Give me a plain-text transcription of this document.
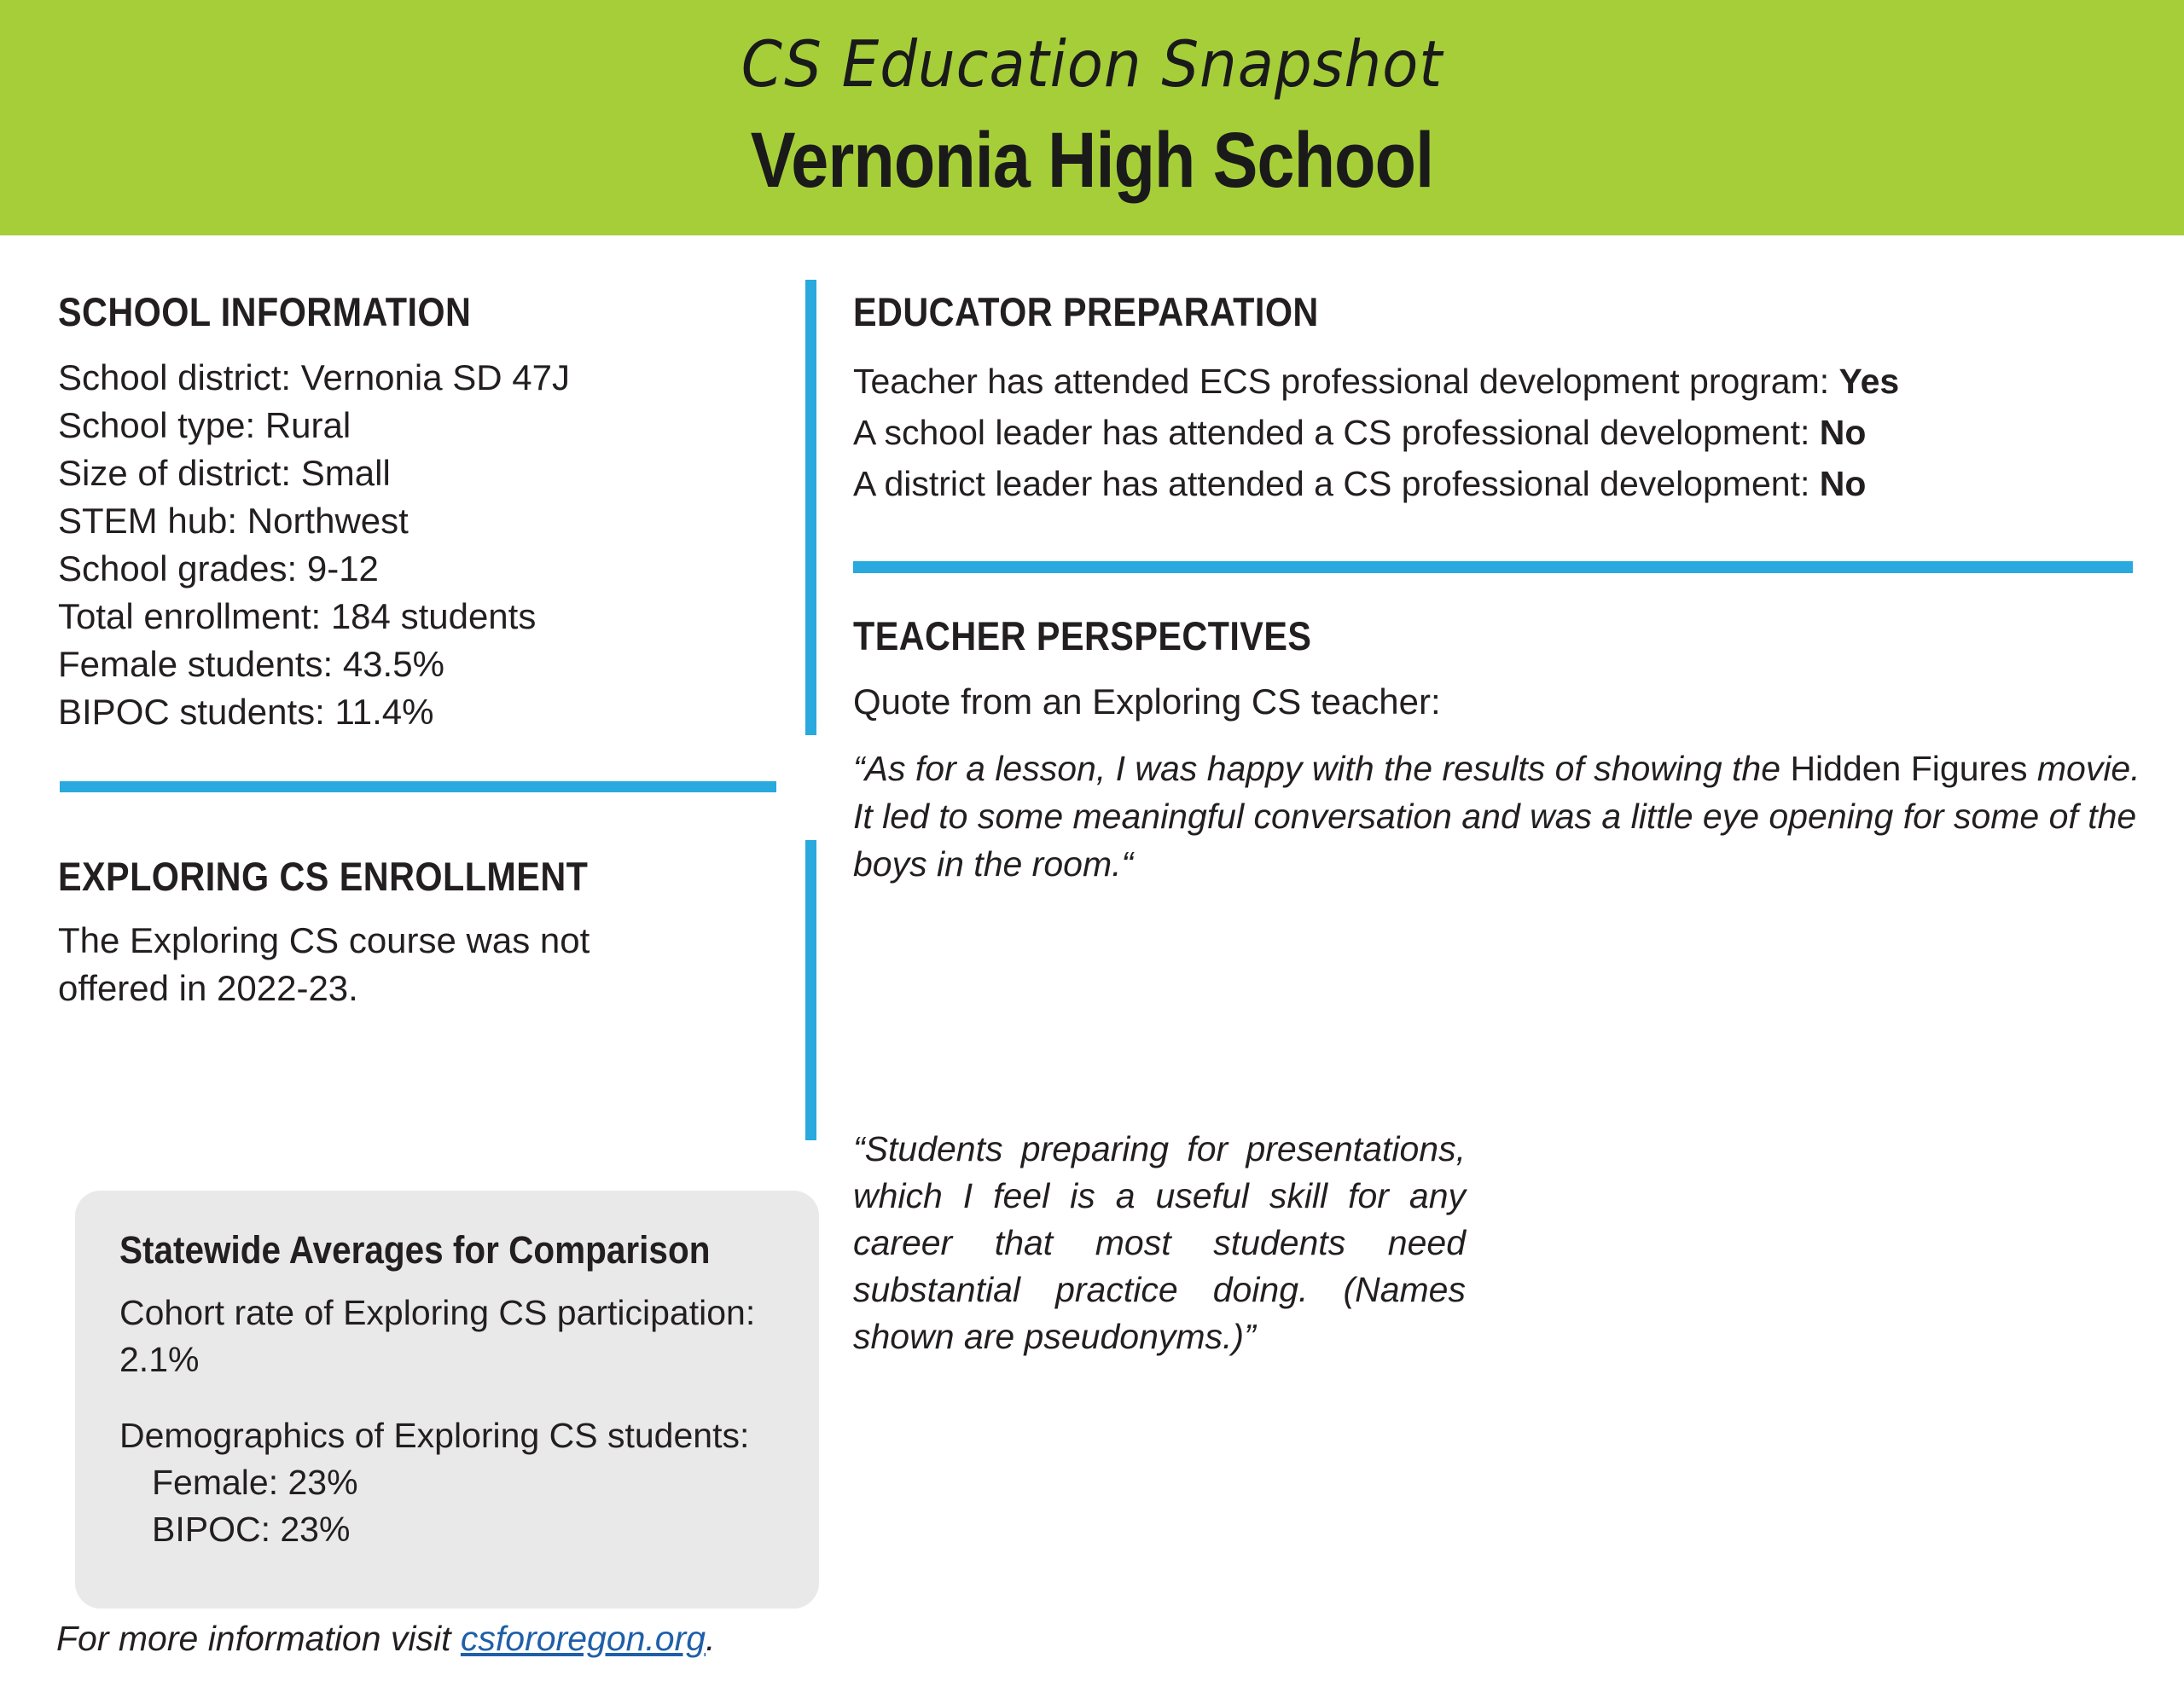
CS Education Snapshot
Vernonia High School
SCHOOL INFORMATION
School district: Vernonia SD 47J
School type: Rural
Size of district: Small
STEM hub: Northwest
School grades: 9-12
Total enrollment: 184 students
Female students: 43.5%
BIPOC students: 11.4%
EXPLORING CS ENROLLMENT

The Exploring CS course was not offered in 2022-23.

Statewide Averages for Comparison

Cohort rate of Exploring CS participation: 2.1%

Demographics of Exploring CS students:

Female: 23%
BIPOC: 23%
For more information visit csfororegon.org.
EDUCATOR PREPARATION
Teacher has attended ECS professional development program: Yes
A school leader has attended a CS professional development: No
A district leader has attended a CS professional development: No
TEACHER PERSPECTIVES

Quote from an Exploring CS teacher:

“As for a lesson, I was happy with the results of showing the Hidden Figures movie. It led to some meaningful conversation and was a little eye opening for some of the boys in the room.“

“Students preparing for presentations, which I feel is a useful skill for any career that most students need substantial practice doing. (Names shown are pseudonyms.)”
